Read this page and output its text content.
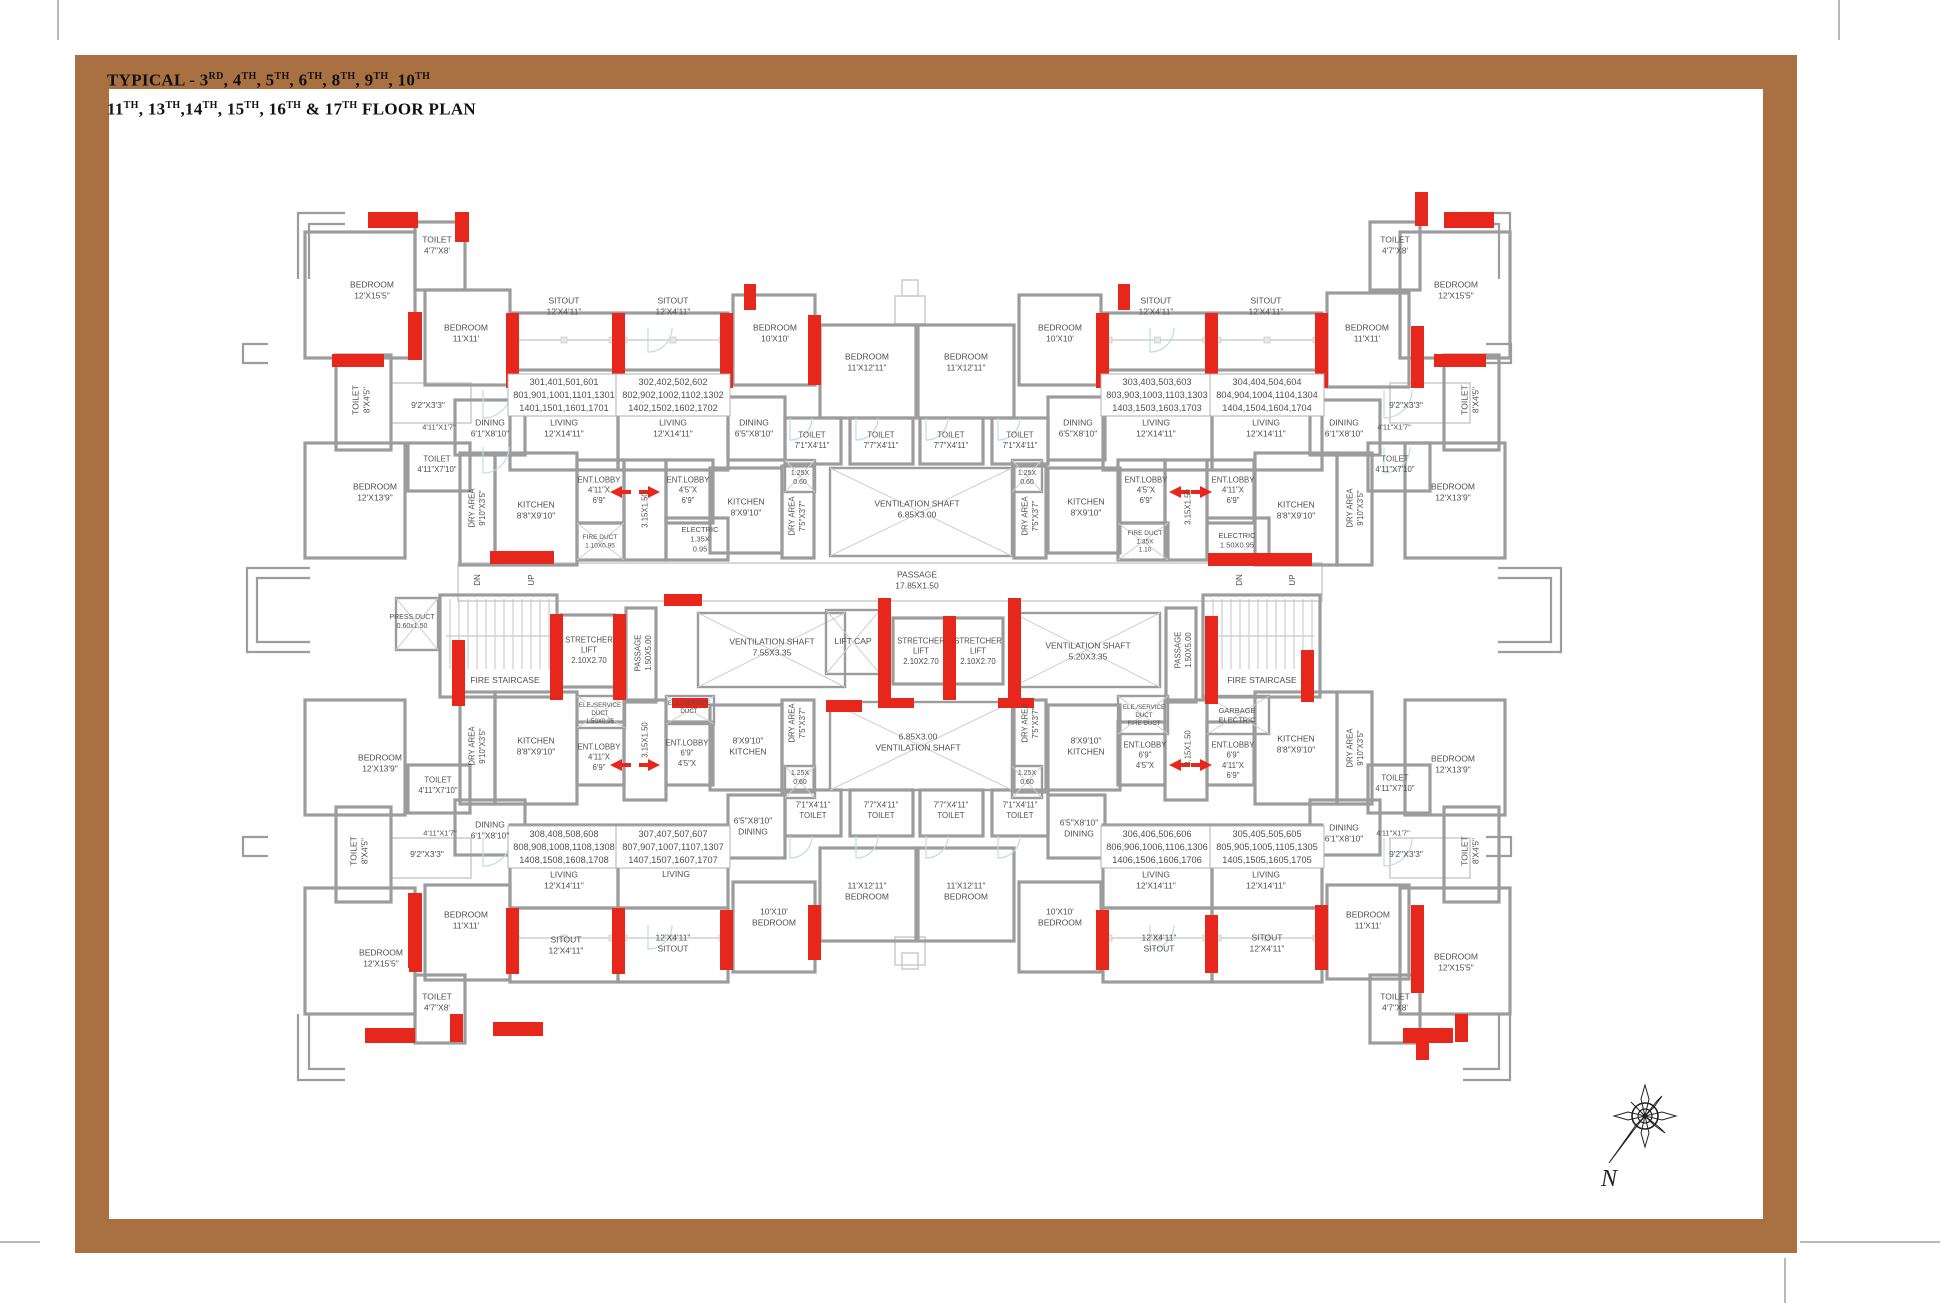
TYPICAL - 3RD, 4TH, 5TH, 6TH, 8TH, 9TH, 10TH
11TH, 13TH,14TH, 15TH, 16TH & 17TH FLOOR PLAN
301,401,501,601
801,901,1001,1101,1301
1401,1501,1601,1701
302,402,502,602
802,902,1002,1102,1302
1402,1502,1602,1702
303,403,503,603
803,903,1003,1103,1303
1403,1503,1603,1703
304,404,504,604
804,904,1004,1104,1304
1404,1504,1604,1704
308,408,508,608
808,908,1008,1108,1308
1408,1508,1608,1708
307,407,507,607
807,907,1007,1107,1307
1407,1507,1607,1707
306,406,506,606
806,906,1006,1106,1306
1406,1506,1606,1706
305,405,505,605
805,905,1005,1105,1305
1405,1505,1605,1705
TOILET
4'7"X8'
BEDROOM
12'X15'5"
BEDROOM
11'X11'
SITOUT
12'X4'11"
SITOUT
12'X4'11"
LIVING
12'X14'11"
LIVING
12'X14'11"
TOILET 8'X4'5"	9'2"X3'3"
4'11"X1'7" DINING
6'1"X8'10"
TOILET
4'11"X7'10"
BEDROOM
12'X13'9"	DRY AREA 9'10"X3'5"	KITCHEN
8'8"X9'10"
ENT.LOBBY
4'11"X
6'9"
FIRE DUCT
1.10X0.95
3.15X1.50
ENT.LOBBY
4'5"X
6'9"
ELECTRIC
1.35X
0.95
BEDROOM
10'X10'
DINING
6'5"X8'10"
KITCHEN
8'X9'10"	DRY AREA 7'5"X3'7"
1.25X
0.60
BEDROOM
11'X12'11"
BEDROOM
11'X12'11"
TOILET
7'1"X4'11"
TOILET
7'7"X4'11"
TOILET
7'7"X4'11"
TOILET
7'1"X4'11"
VENTILATION SHAFT
6.85X3.00
1.25X
0.60
DRY AREA 7'5"X3'7"	KITCHEN
8'X9'10"
BEDROOM
10'X10'
SITOUT
12'X4'11"
SITOUT
12'X4'11"
LIVING
12'X14'11"
LIVING
12'X14'11"
DINING
6'5"X8'10"
ENT.LOBBY
4'5"X
6'9"	3.15X1.50
ENT.LOBBY
4'11"X
6'9"
FIRE DUCT
1.35X
1.10
ELECTRIC
1.50X0.95
KITCHEN
8'8"X9'10"	DRY AREA 9'10"X3'5"
BEDROOM
11'X11'
DINING
6'1"X8'10"
9'2"X3'3"
4'11"X1'7"
TOILET
4'11"X7'10"
TOILET
4'7"X8'
BEDROOM
12'X15'5"
TOILET 8'X4'5"
BEDROOM
12'X13'9"
PASSAGE
17.85X1.50
DN	UP
PRESS.DUCT
0.60x1.50
FIRE STAIRCASE
STRETCHER
LIFT
2.10X2.70	PASSAGE 1.50X5.00	VENTILATION SHAFT
7.55X3.35
LIFT CAP	STRETCHER
LIFT
2.10X2.70
STRETCHER
LIFT
2.10X2.70
VENTILATION SHAFT
5.20X3.35	PASSAGE 1.50X5.00
FIRE STAIRCASE
DN	UP
ELE./SERVICE
DUCT
1.50X0.95
ELE./SERVICE
DUCT
ENT.LOBBY
4'11"X
6'9"
3.15X1.50 ENT.LOBBY
6'9"
4'5"X
KITCHEN
8'8"X9'10"
DRY AREA 9'10"X3'5"	8'X9'10"
KITCHEN
DRY AREA 7'5"X3'7"	6.85X3.00
VENTILATION SHAFT
DRY AREA 7'5"X3'7"
8'X9'10"
KITCHEN
ELE./SERVICE
DUCT
FIRE DUCT
GARBAGE
ELECTRIC
ENT.LOBBY
6'9"
4'5"X	3.15X1.50 ENT.LOBBY
6'9"
4'11"X
6'9"
KITCHEN
8'8"X9'10"	DRY AREA 9'10"X3'5"
TOILET
4'11"X7'10"
BEDROOM
12'X13'9"	1.25X
0.60
1.25X
0.60
7'1"X4'11"
TOILET
7'7"X4'11"
TOILET
7'7"X4'11"
TOILET
7'1"X4'11"
TOILET
6'5"X8'10"
DINING
6'5"X8'10"
DINING
DINING
6'1"X8'10"
4'11"X1'7"
9'2"X3'3"
TOILET 8'X4'5"
LIVING
12'X14'11"
LIVING
SITOUT
12'X4'11"
12'X4'11"
SITOUT
BEDROOM
11'X11'
10'X10'
BEDROOM
11'X12'11"
BEDROOM
11'X12'11"
BEDROOM
BEDROOM
12'X15'5"
TOILET
4'7"X8'
10'X10'
BEDROOM
LIVING
12'X14'11"
LIVING
12'X14'11"
12'X4'11"
SITOUT
SITOUT
12'X4'11"
BEDROOM
11'X11'
DINING
6'1"X8'10"
4'11"X1'7"
9'2"X3'3"
TOILET
4'11"X7'10"
BEDROOM
12'X13'9"
TOILET 8'X4'5"
BEDROOM
12'X15'5"
TOILET
4'7"X8'
N
